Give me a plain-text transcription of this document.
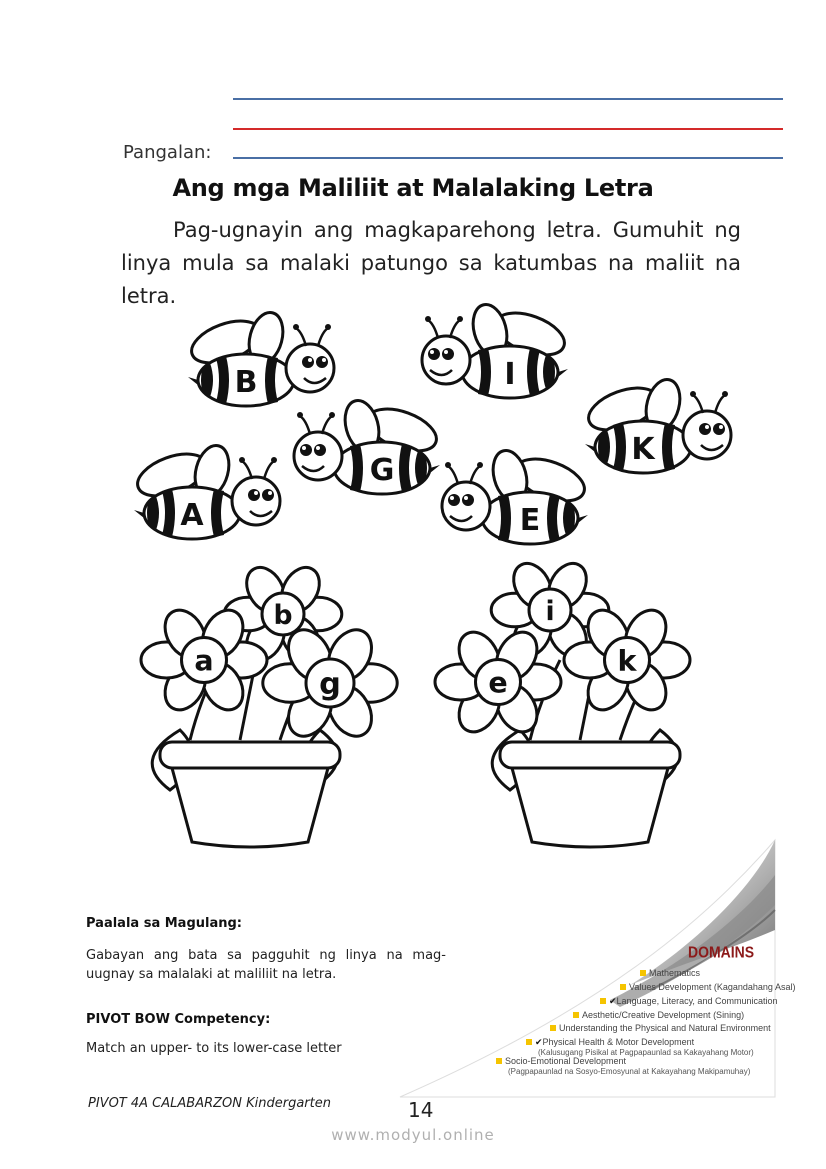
Pangalan:
Ang mga Maliliit at Malalaking Letra
Pag-ugnayin ang magkaparehong letra. Gumuhit ng linya mula sa malaki patungo sa katumbas na maliit na letra.
B	I
K
G
A	E
b
a
g
i
k
e
Paalala sa Magulang:
Gabayan ang bata sa pagguhit ng linya na mag-uugnay sa malalaki at maliliit na letra.
PIVOT BOW Competency:
Match an upper- to its lower-case letter
DOMAINS
Mathematics
Values Development (Kagandahang Asal)
✔Language, Literacy, and Communication
Aesthetic/Creative Development (Sining)
Understanding the Physical and Natural Environment
✔Physical Health & Motor Development
(Kalusugang Pisikal at Pagpapaunlad sa Kakayahang Motor)
Socio-Emotional Development
(Pagpapaunlad na Sosyo-Emosyunal at Kakayahang Makipamuhay)
PIVOT 4A CALABARZON Kindergarten	14
www.modyul.online
